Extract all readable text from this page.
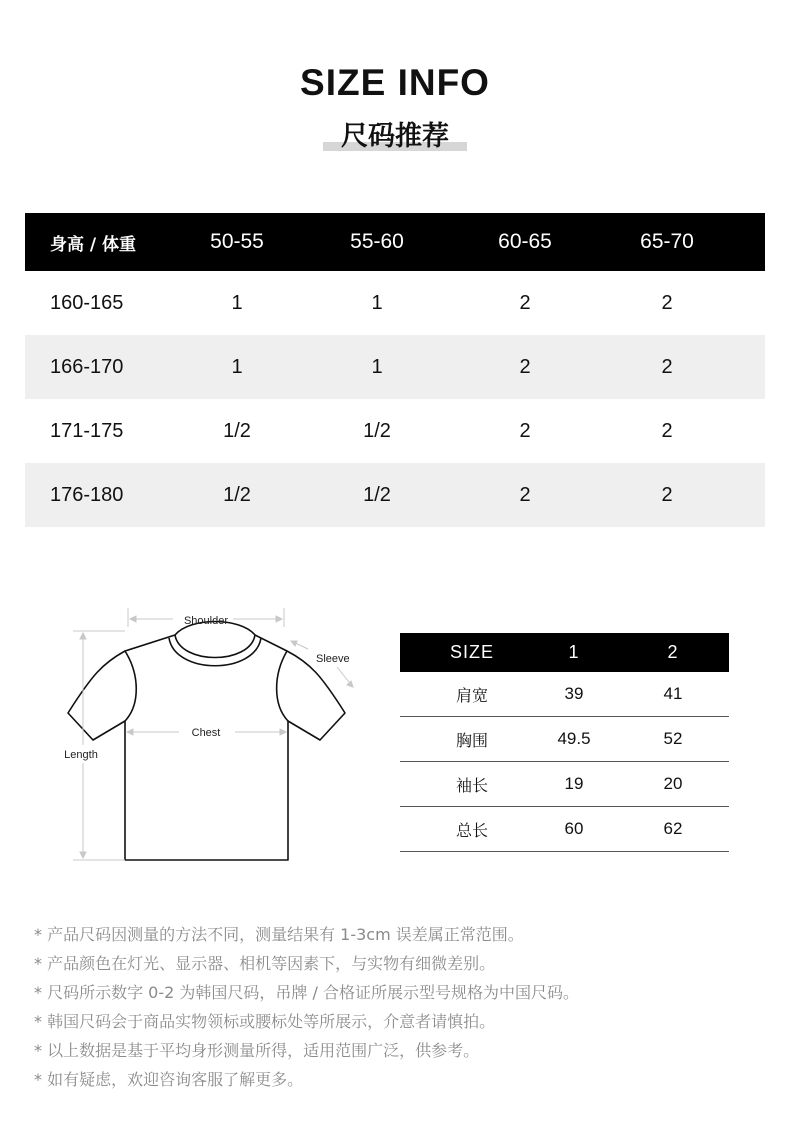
SIZE INFO
尺码推荐
身高 / 体重	50-55	55-60	60-65	65-70
160-165	1	1	2	2
166-170	1	1	2	2
171-175	1/2	1/2	2	2
176-180	1/2	1/2	2	2
Shoulder
Sleeve
Chest
Length
SIZE	1	2
肩宽	39	41
胸围	49.5	52
袖长	19	20
总长	60	62
* 产品尺码因测量的方法不同，测量结果有 1-3cm 误差属正常范围。
* 产品颜色在灯光、显示器、相机等因素下，与实物有细微差别。
* 尺码所示数字 0-2 为韩国尺码，吊牌 / 合格证所展示型号规格为中国尺码。
* 韩国尺码会于商品实物领标或腰标处等所展示，介意者请慎拍。
* 以上数据是基于平均身形测量所得，适用范围广泛，供参考。
* 如有疑虑，欢迎咨询客服了解更多。
